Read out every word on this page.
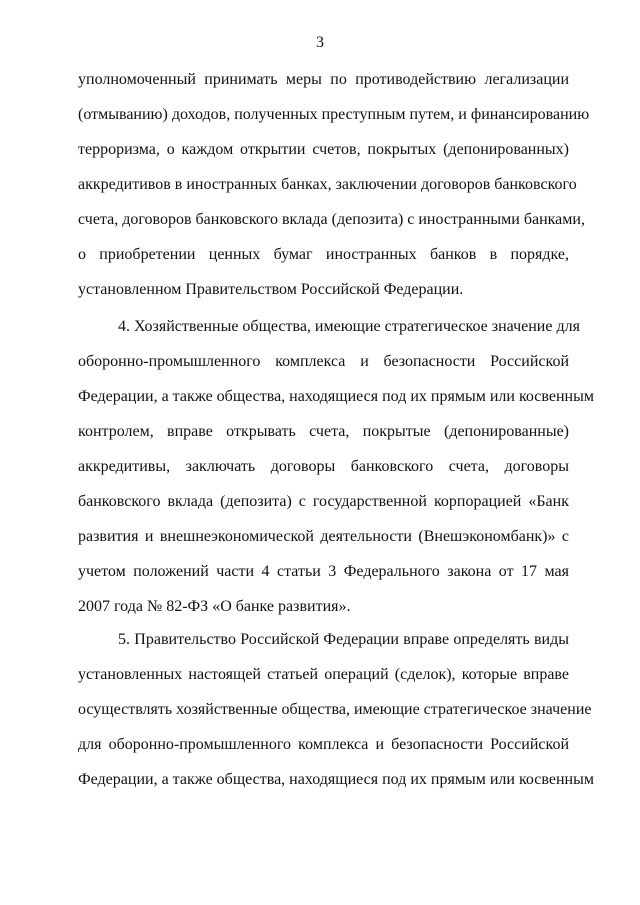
3
уполномоченный принимать меры по противодействию легализации
(отмыванию) доходов, полученных преступным путем, и финансированию
терроризма, о каждом открытии счетов, покрытых (депонированных)
аккредитивов в иностранных банках, заключении договоров банковского
счета, договоров банковского вклада (депозита) с иностранными банками,
о приобретении ценных бумаг иностранных банков в порядке,
установленном Правительством Российской Федерации.
4. Хозяйственные общества, имеющие стратегическое значение для
оборонно-промышленного комплекса и безопасности Российской
Федерации, а также общества, находящиеся под их прямым или косвенным
контролем, вправе открывать счета, покрытые (депонированные)
аккредитивы, заключать договоры банковского счета, договоры
банковского вклада (депозита) с государственной корпорацией «Банк
развития и внешнеэкономической деятельности (Внешэкономбанк)» с
учетом положений части 4 статьи 3 Федерального закона от 17 мая
2007 года № 82-ФЗ «О банке развития».
5. Правительство Российской Федерации вправе определять виды
установленных настоящей статьей операций (сделок), которые вправе
осуществлять хозяйственные общества, имеющие стратегическое значение
для оборонно-промышленного комплекса и безопасности Российской
Федерации, а также общества, находящиеся под их прямым или косвенным
